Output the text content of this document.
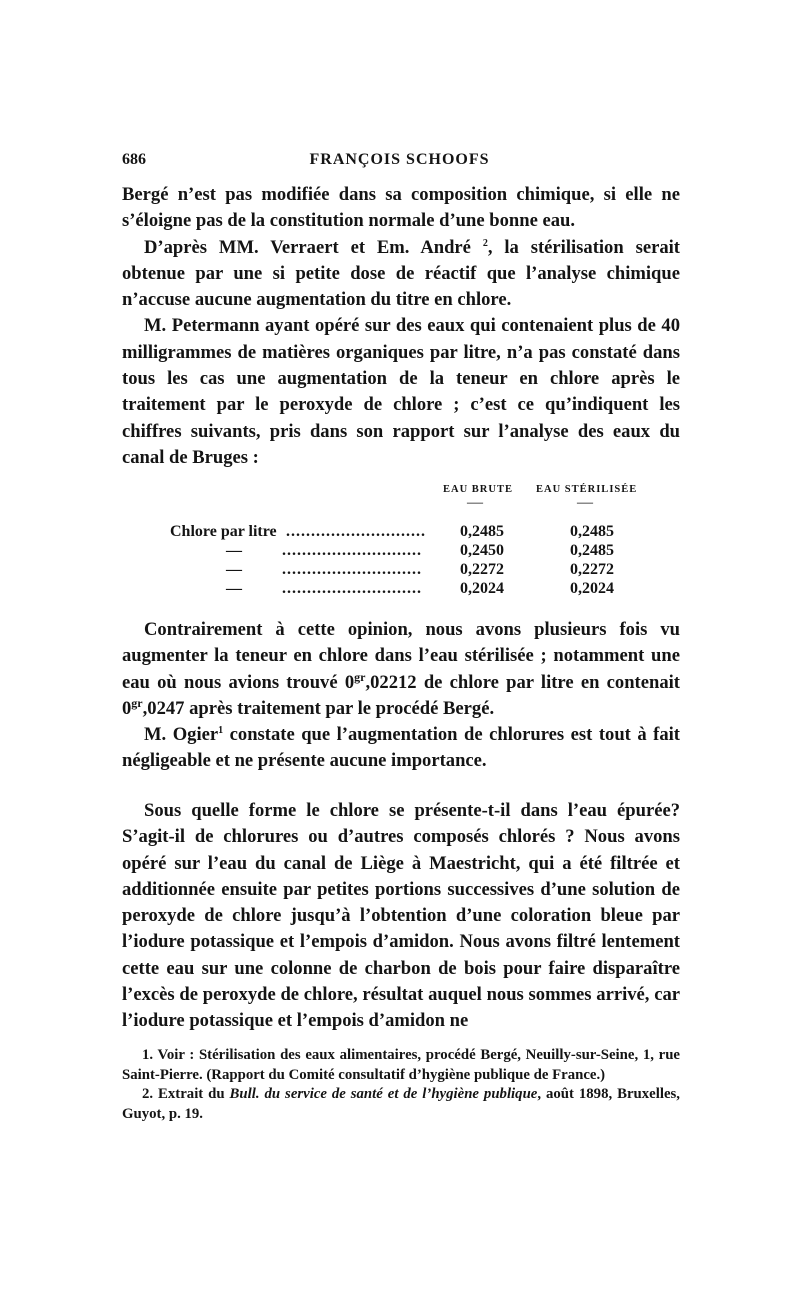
686	FRANÇOIS SCHOOFS

Bergé n’est pas modifiée dans sa composition chimique, si elle ne s’éloigne pas de la constitution normale d’une bonne eau.

D’après MM. Verraert et Em. André $^2$, la stérilisation serait obtenue par une si petite dose de réactif que l’analyse chimique n’accuse aucune augmentation du titre en chlore.

M. Petermann ayant opéré sur des eaux qui contenaient plus de 40 milligrammes de matières organiques par litre, n’a pas constaté dans tous les cas une augmentation de la teneur en chlore après le traitement par le peroxyde de chlore ; c’est ce qu’indiquent les chiffres suivants, pris dans son rapport sur l’analyse des eaux du canal de Bruges :

EAU BRUTE EAU STÉRILISÉE
—	—
Chlore par litre ............................	0,2485	0,2485
—	............................	0,2450	0,2485
—	............................	0,2272	0,2272
—	............................	0,2024	0,2024

Contrairement à cette opinion, nous avons plusieurs fois vu augmenter la teneur en chlore dans l’eau stérilisée ; notamment une eau où nous avions trouvé $0^{gr},02212$ de chlore par litre en contenait $0^{gr},0247$ après traitement par le procédé Bergé.

M. Ogier$^1$ constate que l’augmentation de chlorures est tout à fait négligeable et ne présente aucune importance.

Sous quelle forme le chlore se présente-t-il dans l’eau épurée? S’agit-il de chlorures ou d’autres composés chlorés ? Nous avons opéré sur l’eau du canal de Liège à Maestricht, qui a été filtrée et additionnée ensuite par petites portions successives d’une solution de peroxyde de chlore jusqu’à l’obtention d’une coloration bleue par l’iodure potassique et l’empois d’amidon. Nous avons filtré lentement cette eau sur une colonne de charbon de bois pour faire disparaître l’excès de peroxyde de chlore, résultat auquel nous sommes arrivé, car l’iodure potassique et l’empois d’amidon ne

1. Voir : Stérilisation des eaux alimentaires, procédé Bergé, Neuilly-sur-Seine, 1, rue Saint-Pierre. (Rapport du Comité consultatif d’hygiène publique de France.)

2. Extrait du Bull. du service de santé et de l’hygiène publique, août 1898, Bruxelles, Guyot, p. 19.
